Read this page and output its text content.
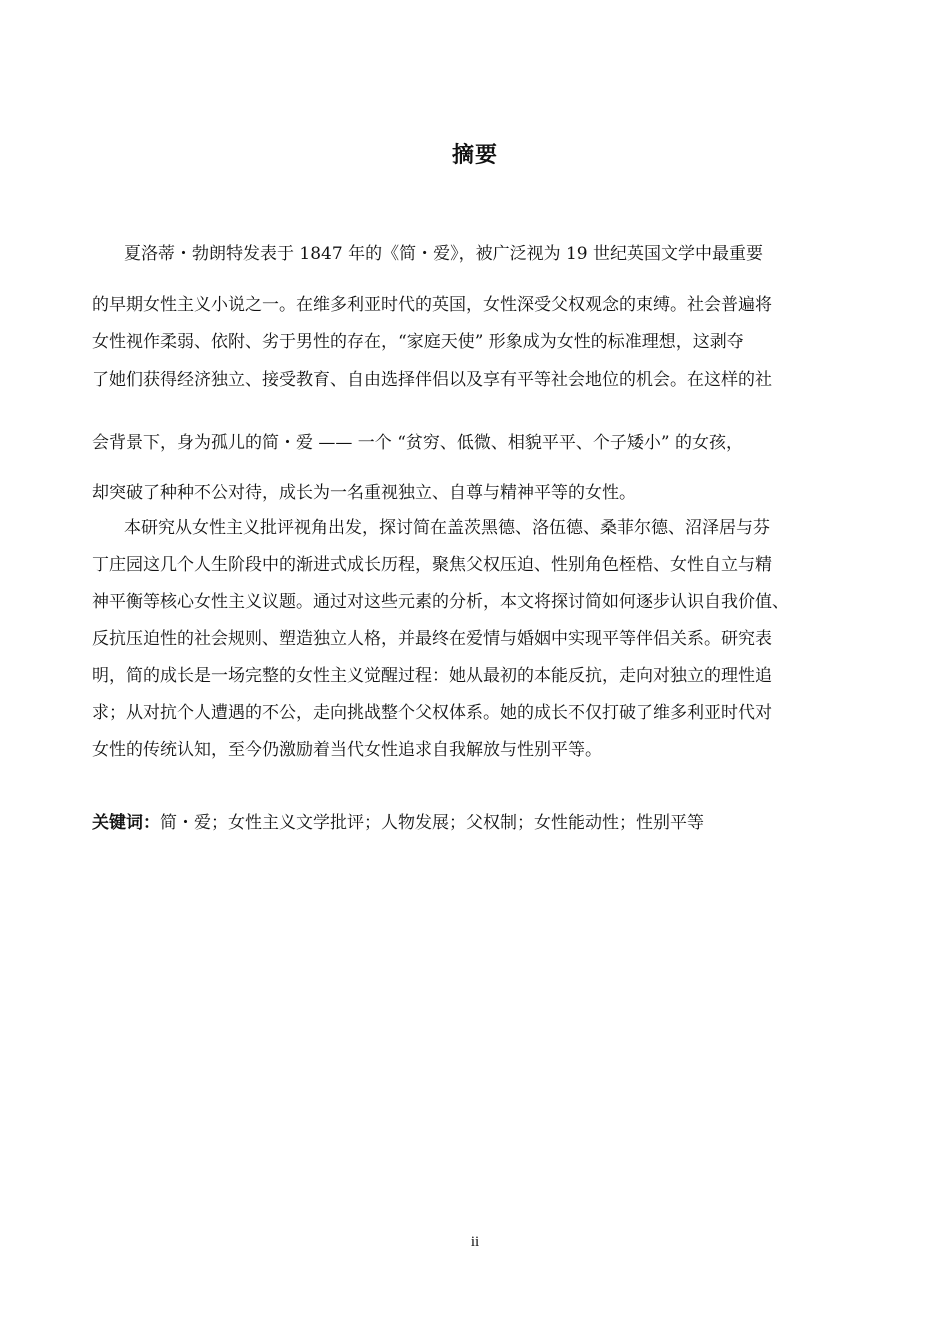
摘要
夏洛蒂・勃朗特发表于 1847 年的《简・爱》，被广泛视为 19 世纪英国文学中最重要
的早期女性主义小说之一。在维多利亚时代的英国，女性深受父权观念的束缚。社会普遍将
女性视作柔弱、依附、劣于男性的存在，“家庭天使” 形象成为女性的标准理想，这剥夺
了她们获得经济独立、接受教育、自由选择伴侣以及享有平等社会地位的机会。在这样的社
会背景下，身为孤儿的简・爱 —— 一个 “贫穷、低微、相貌平平、个子矮小” 的女孩，
却突破了种种不公对待，成长为一名重视独立、自尊与精神平等的女性。
本研究从女性主义批评视角出发，探讨简在盖茨黑德、洛伍德、桑菲尔德、沼泽居与芬
丁庄园这几个人生阶段中的渐进式成长历程，聚焦父权压迫、性别角色桎梏、女性自立与精
神平衡等核心女性主义议题。通过对这些元素的分析，本文将探讨简如何逐步认识自我价值、
反抗压迫性的社会规则、塑造独立人格，并最终在爱情与婚姻中实现平等伴侣关系。研究表
明，简的成长是一场完整的女性主义觉醒过程：她从最初的本能反抗，走向对独立的理性追
求；从对抗个人遭遇的不公，走向挑战整个父权体系。她的成长不仅打破了维多利亚时代对
女性的传统认知，至今仍激励着当代女性追求自我解放与性别平等。
关键词：简・爱；女性主义文学批评；人物发展；父权制；女性能动性；性别平等
ii
